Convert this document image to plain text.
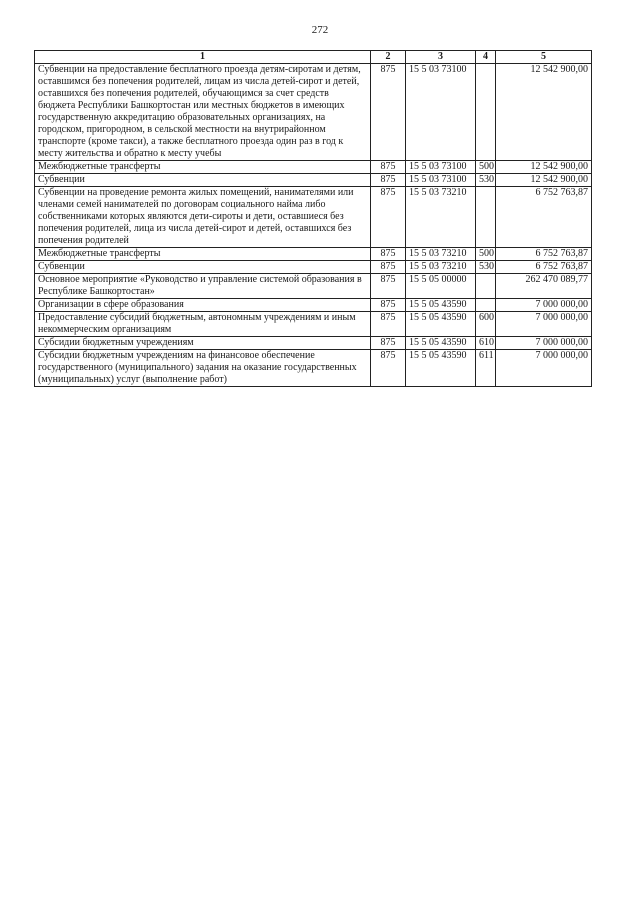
272
1	2	3	4	5
Субвенции на предоставление бесплатного проезда детям-сиротам и детям, оставшимся без попечения родителей, лицам из числа детей-сирот и детей, оставшихся без попечения родителей, обучающимся за счет средств бюджета Республики Башкортостан или местных бюджетов в имеющих государственную аккредитацию образовательных организациях, на городском, пригородном, в сельской местности на внутрирайонном транспорте (кроме такси), а также бесплатного проезда один раз в год к месту жительства и обратно к месту учебы	875	15 5 03 73100		12 542 900,00
Межбюджетные трансферты	875	15 5 03 73100	500	12 542 900,00
Субвенции	875	15 5 03 73100	530	12 542 900,00
Субвенции на проведение ремонта жилых помещений, нанимателями или членами семей нанимателей по договорам социального найма либо собственниками которых являются дети-сироты и дети, оставшиеся без попечения родителей, лица из числа детей-сирот и детей, оставшихся без попечения родителей	875	15 5 03 73210		6 752 763,87
Межбюджетные трансферты	875	15 5 03 73210	500	6 752 763,87
Субвенции	875	15 5 03 73210	530	6 752 763,87
Основное мероприятие «Руководство и управление системой образования в Республике Башкортостан»	875	15 5 05 00000		262 470 089,77
Организации в сфере образования	875	15 5 05 43590		7 000 000,00
Предоставление субсидий бюджетным, автономным учреждениям и иным некоммерческим организациям	875	15 5 05 43590	600	7 000 000,00
Субсидии бюджетным учреждениям	875	15 5 05 43590	610	7 000 000,00
Субсидии бюджетным учреждениям на финансовое обеспечение государственного (муниципального) задания на оказание государственных (муниципальных) услуг (выполнение работ)	875	15 5 05 43590	611	7 000 000,00
